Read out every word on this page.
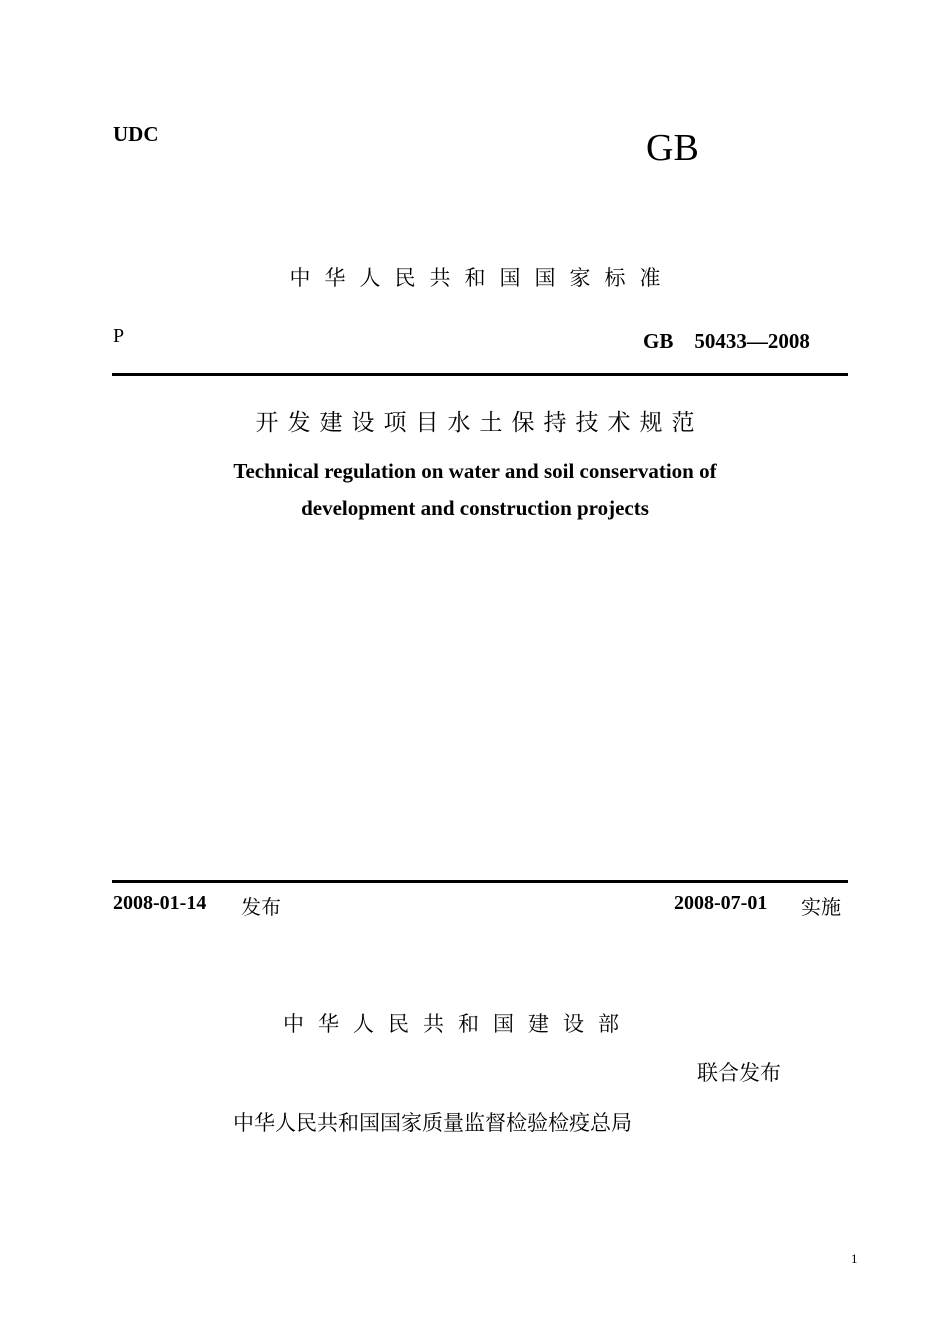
UDC	GB
中华人民共和国国家标准
P	GB　50433—2008
开发建设项目水土保持技术规范
Technical regulation on water and soil conservation of
development and construction projects
2008-01-14 发布	2008-07-01 实施
中华人民共和国建设部
联合发布
中华人民共和国国家质量监督检验检疫总局
1
